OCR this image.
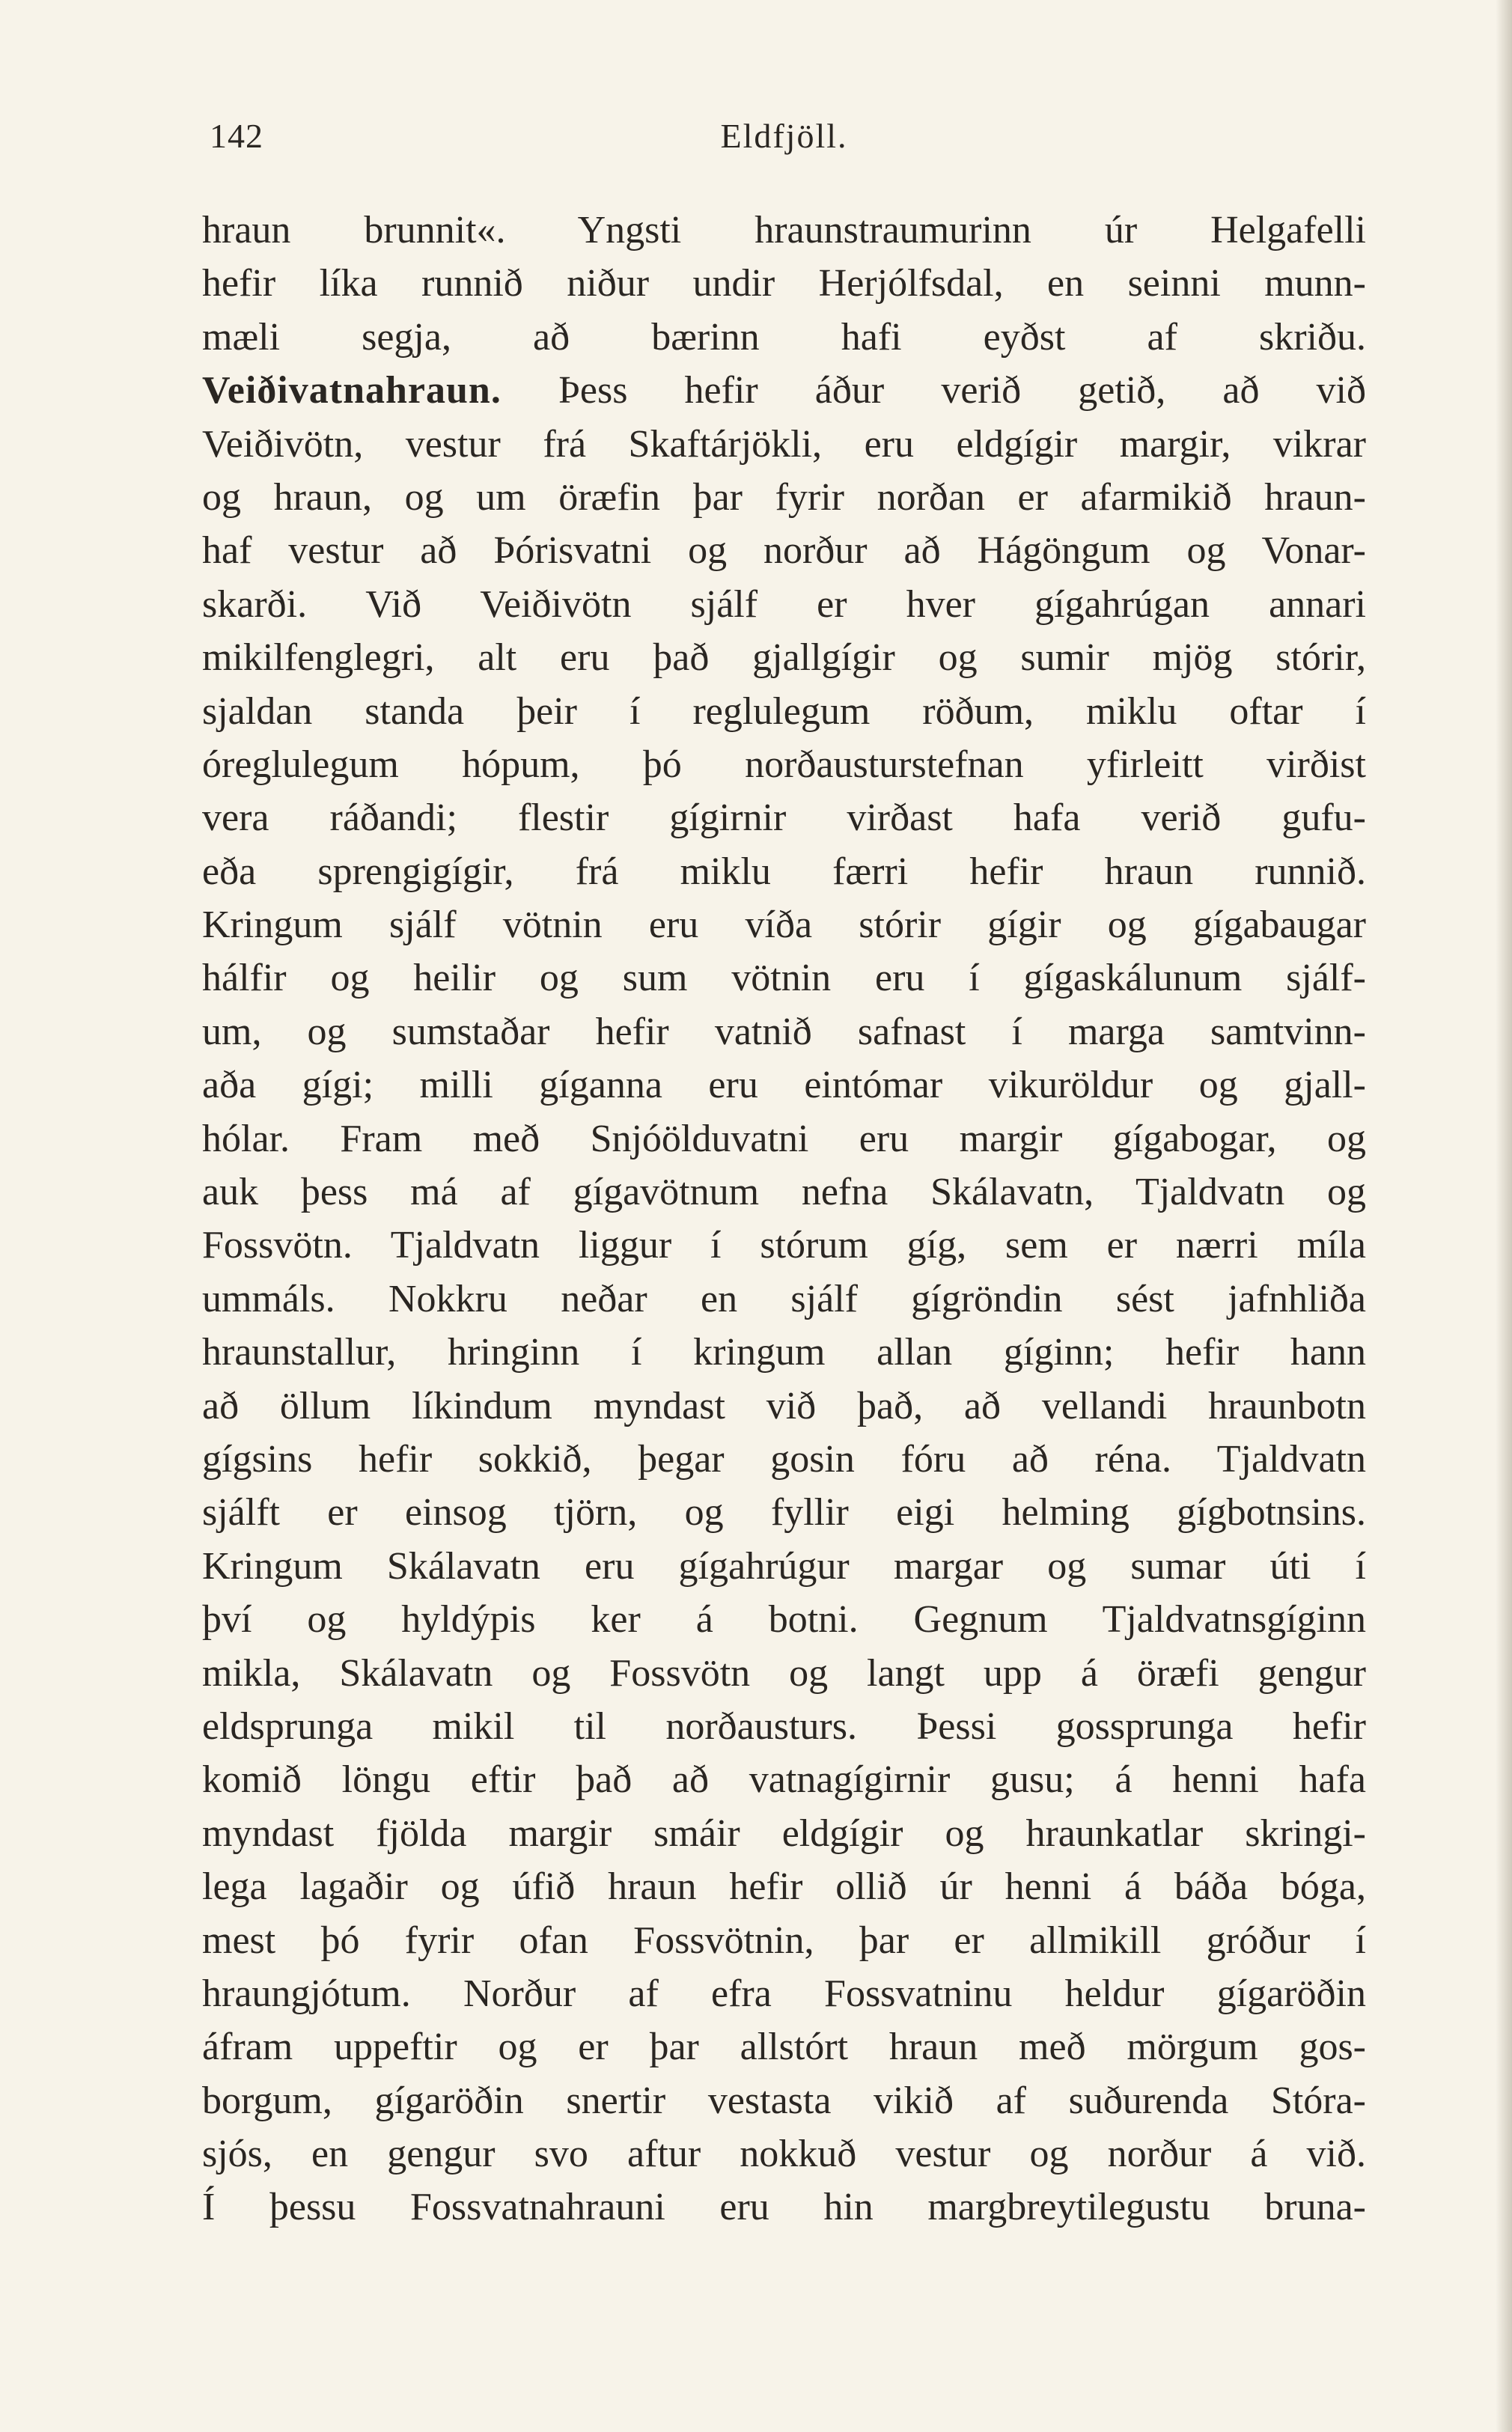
142	Eldfjöll.
hraun brunnit«. Yngsti hraunstraumurinn úr Helgafelli
hefir líka runnið niður undir Herjólfsdal, en seinni munn-
mæli segja, að bærinn hafi eyðst af skriðu.
Veiðivatnahraun. Þess hefir áður verið getið, að við
Veiðivötn, vestur frá Skaftárjökli, eru eldgígir margir, vikrar
og hraun, og um öræfin þar fyrir norðan er afarmikið hraun-
haf vestur að Þórisvatni og norður að Hágöngum og Vonar-
skarði. Við Veiðivötn sjálf er hver gígahrúgan annari
mikilfenglegri, alt eru það gjallgígir og sumir mjög stórir,
sjaldan standa þeir í reglulegum röðum, miklu oftar í
óreglulegum hópum, þó norðausturstefnan yfirleitt virðist
vera ráðandi; flestir gígirnir virðast hafa verið gufu-
eða sprengigígir, frá miklu færri hefir hraun runnið.
Kringum sjálf vötnin eru víða stórir gígir og gígabaugar
hálfir og heilir og sum vötnin eru í gígaskálunum sjálf-
um, og sumstaðar hefir vatnið safnast í marga samtvinn-
aða gígi; milli gíganna eru eintómar vikuröldur og gjall-
hólar. Fram með Snjóölduvatni eru margir gígabogar, og
auk þess má af gígavötnum nefna Skálavatn, Tjaldvatn og
Fossvötn. Tjaldvatn liggur í stórum gíg, sem er nærri míla
ummáls. Nokkru neðar en sjálf gígröndin sést jafnhliða
hraunstallur, hringinn í kringum allan gíginn; hefir hann
að öllum líkindum myndast við það, að vellandi hraunbotn
gígsins hefir sokkið, þegar gosin fóru að réna. Tjaldvatn
sjálft er einsog tjörn, og fyllir eigi helming gígbotnsins.
Kringum Skálavatn eru gígahrúgur margar og sumar úti í
því og hyldýpis ker á botni. Gegnum Tjaldvatnsgíginn
mikla, Skálavatn og Fossvötn og langt upp á öræfi gengur
eldsprunga mikil til norðausturs. Þessi gossprunga hefir
komið löngu eftir það að vatnagígirnir gusu; á henni hafa
myndast fjölda margir smáir eldgígir og hraunkatlar skringi-
lega lagaðir og úfið hraun hefir ollið úr henni á báða bóga,
mest þó fyrir ofan Fossvötnin, þar er allmikill gróður í
hraungjótum. Norður af efra Fossvatninu heldur gígaröðin
áfram uppeftir og er þar allstórt hraun með mörgum gos-
borgum, gígaröðin snertir vestasta vikið af suðurenda Stóra-
sjós, en gengur svo aftur nokkuð vestur og norður á við.
Í þessu Fossvatnahrauni eru hin margbreytilegustu bruna-
